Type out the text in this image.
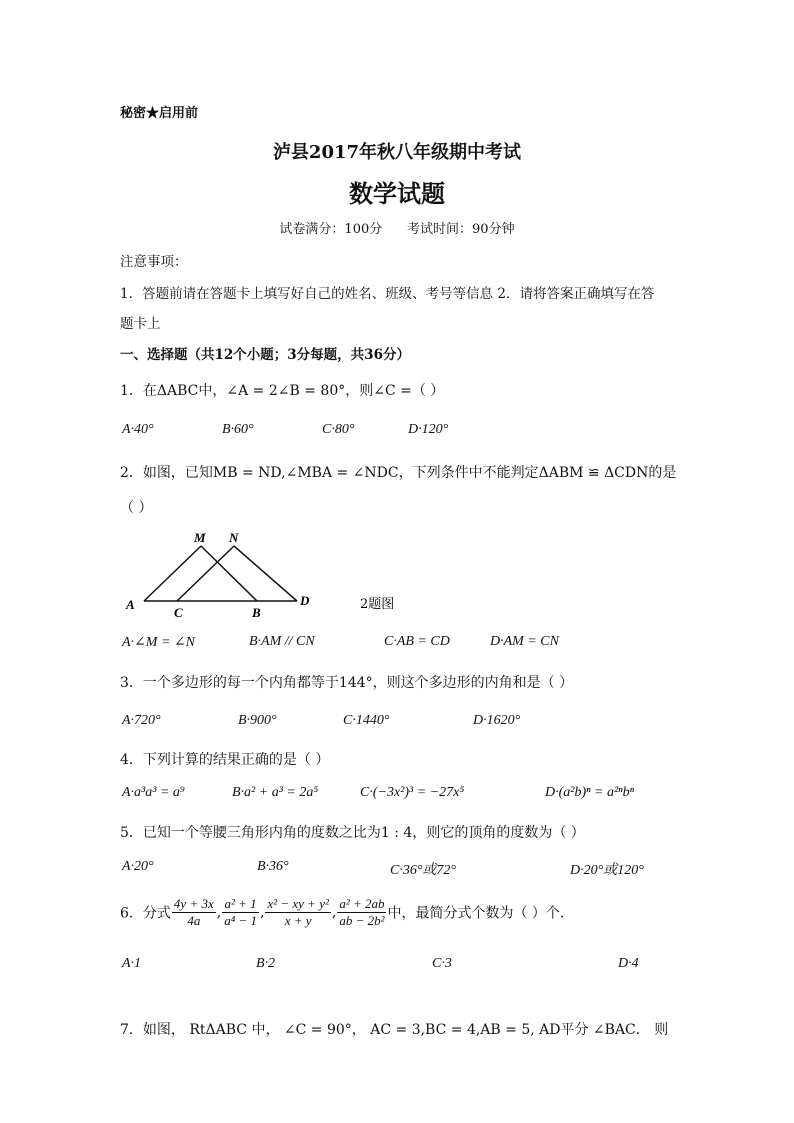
秘密★启用前
泸县2017年秋八年级期中考试
数学试题
试卷满分：100分      考试时间：90分钟
注意事项：
1．答题前请在答题卡上填写好自己的姓名、班级、考号等信息 2．请将答案正确填写在答
题卡上
一、选择题（共12个小题；3分每题，共36分）
1．在ΔABC中，∠A = 2∠B = 80°，则∠C =（ ）
A·40°	B·60°	C·80°	D·120°
2．如图，已知MB = ND,∠MBA = ∠NDC，下列条件中不能判定ΔABM ≌ ΔCDN的是
（ ）
M N
A
C	B
D	2题图
A·∠M = ∠N	B·AM // CN	C·AB = CD	D·AM = CN
3．一个多边形的每一个内角都等于144°，则这个多边形的内角和是（ ）
A·720°	B·900°	C·1440°	D·1620°
4．下列计算的结果正确的是（ ）
A·a³a³ = a⁹	B·a² + a³ = 2a⁵	C·(−3x²)³ = −27x⁵	D·(a²b)ⁿ = a²ⁿbⁿ
5．已知一个等腰三角形内角的度数之比为1 : 4，则它的顶角的度数为（ ）
A·20°	B·36°	C·36°或72°	D·20°或120°
6．分式 $\frac{4y + 3x}{4a}$ , $\frac{\text{a² + 1}}{\text{a⁴ − 1}}$ , $\frac{\text{x² − xy + y²}}{x + y}$ , $\frac{\text{a² + 2ab}}{\text{ab − 2b²}}$ 中，最简分式个数为（ ）个.
A·1	B·2	C·3	D·4
7．如图， RtΔABC 中， ∠C = 90°， AC = 3,BC = 4,AB = 5, AD平分 ∠BAC． 则
